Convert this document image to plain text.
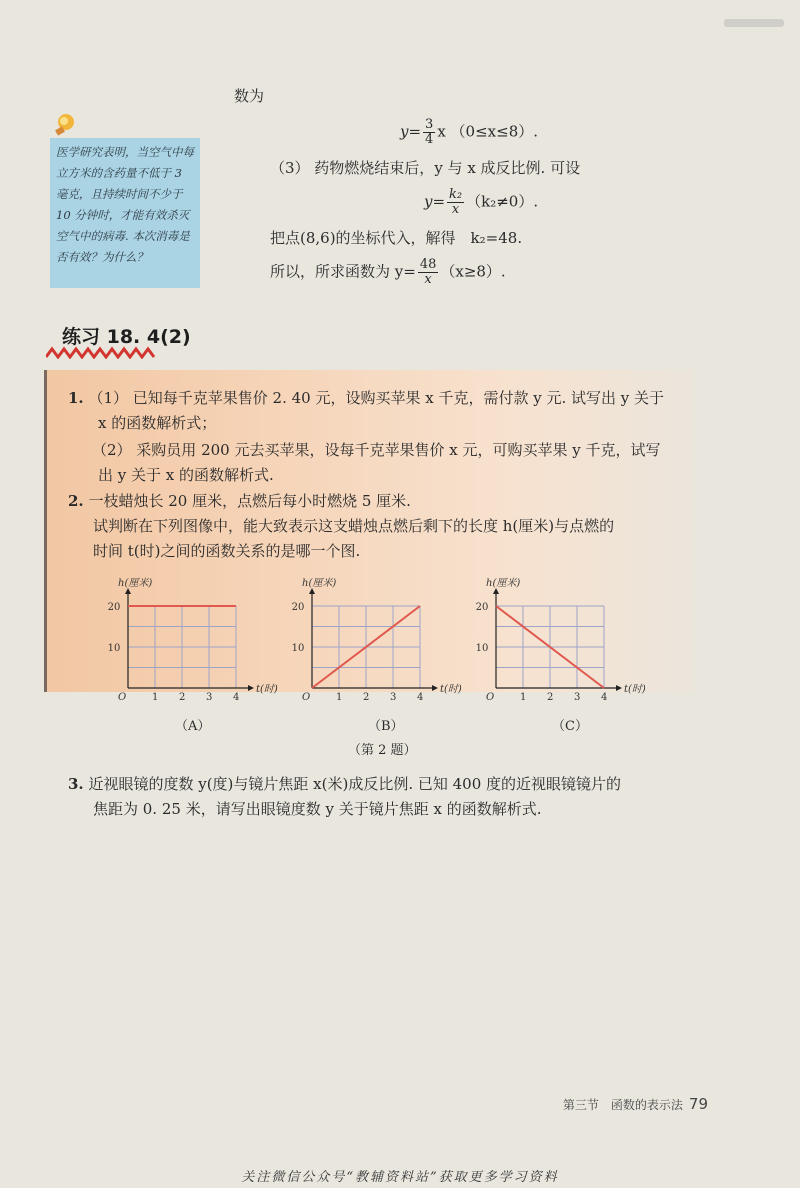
数为
$y= \frac{3}{4}$ x （0≤x≤8）.
（3） 药物燃烧结束后，y 与 x 成反比例. 可设
$y= \frac{\text{k₂}}{x} (k_2\ne 0)$.
把点(8,6)的坐标代入，解得　k₂=48.
所以，所求函数为 $y= \frac{48}{x} (x\ge 8)$.
医学研究表明，当空气中每立方米的含药量不低于 3 毫克，且持续时间不少于 10 分钟时，才能有效杀灭空气中的病毒. 本次消毒是否有效？为什么？
练习 18. 4(2)
1. （1） 已知每千克苹果售价 2. 40 元，设购买苹果 x 千克，需付款 y 元. 试写出 y 关于
x 的函数解析式；
（2） 采购员用 200 元去买苹果，设每千克苹果售价 x 元，可购买苹果 y 千克，试写
出 y 关于 x 的函数解析式.
2. 一枝蜡烛长 20 厘米，点燃后每小时燃烧 5 厘米.
试判断在下列图像中，能大致表示这支蜡烛点燃后剩下的长度 h(厘米)与点燃的
时间 t(时)之间的函数关系的是哪一个图.
O	1 2 3 4
10
20
t(时)
h(厘米)
O	1 2 3 4
10
20
t(时)
h(厘米)
O	1 2 3 4
10
20
t(时)
h(厘米)
（A）	（B）	（C）
（第 2 题）
3. 近视眼镜的度数 y(度)与镜片焦距 x(米)成反比例. 已知 400 度的近视眼镜镜片的
焦距为 0. 25 米，请写出眼镜度数 y 关于镜片焦距 x 的函数解析式.
第三节　函数的表示法 79
关注微信公众号“教辅资料站”获取更多学习资料
